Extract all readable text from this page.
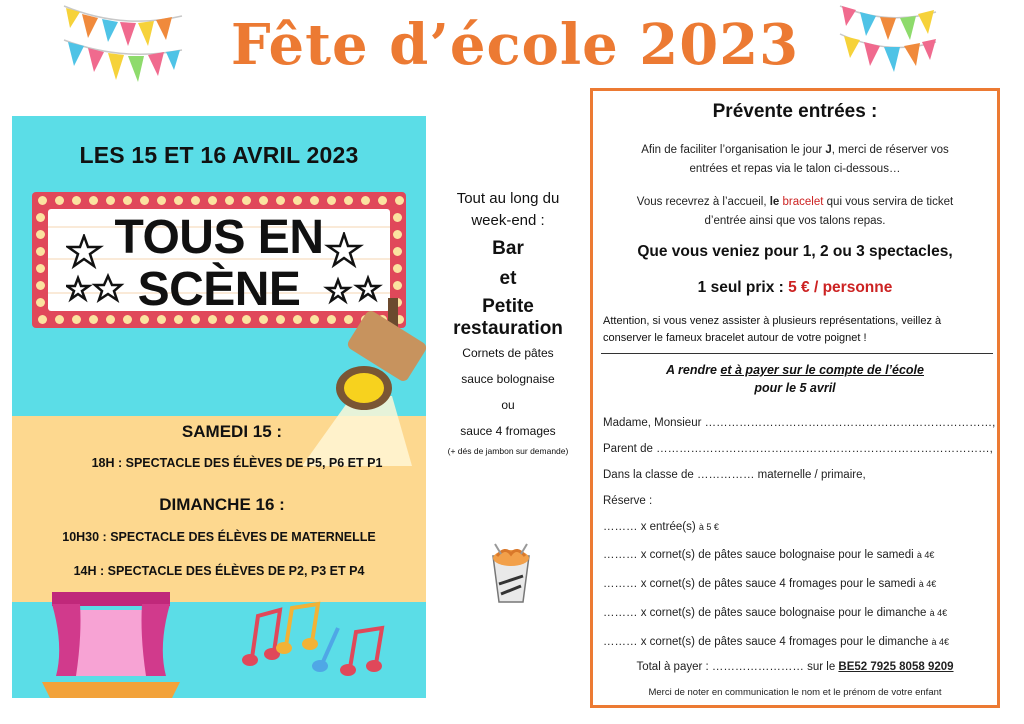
Fête d’école 2023
LES 15 ET 16 AVRIL 2023
TOUS EN
SCÈNE
SAMEDI 15 :
18H : SPECTACLE DES ÉLÈVES DE P5, P6 ET P1
DIMANCHE 16 :
10H30 : SPECTACLE DES ÉLÈVES DE MATERNELLE
14H : SPECTACLE DES ÉLÈVES DE P2, P3 ET P4
Tout au long du
week-end :
Bar
et
Petite
restauration
Cornets de pâtes
sauce bolognaise
ou
sauce 4 fromages
(+ dés de jambon sur demande)
Prévente entrées :
Afin de faciliter l’organisation le jour J, merci de réserver vos
entrées et repas via le talon ci-dessous…
Vous recevrez à l’accueil, le bracelet qui vous servira de ticket
d’entrée ainsi que vos talons repas.
Que vous veniez pour 1, 2 ou 3 spectacles,
1 seul prix : 5 € / personne
Attention, si vous venez assister à plusieurs représentations, veillez à conserver le fameux bracelet autour de votre poignet !
A rendre et à payer sur le compte de l’école
pour le 5 avril
Madame, Monsieur …………………………………………………………………,
Parent de ……………………………………………………………………………,
Dans la classe de …………… maternelle / primaire,
Réserve :
……… x entrée(s) à 5 €
……… x cornet(s) de pâtes sauce bolognaise pour le samedi à 4€
……… x cornet(s) de pâtes sauce 4 fromages pour le samedi à 4€
……… x cornet(s) de pâtes sauce bolognaise pour le dimanche à 4€
……… x cornet(s) de pâtes sauce 4 fromages pour le dimanche à 4€
Total à payer : …………………… sur le BE52 7925 8058 9209
Merci de noter en communication le nom et le prénom de votre enfant
